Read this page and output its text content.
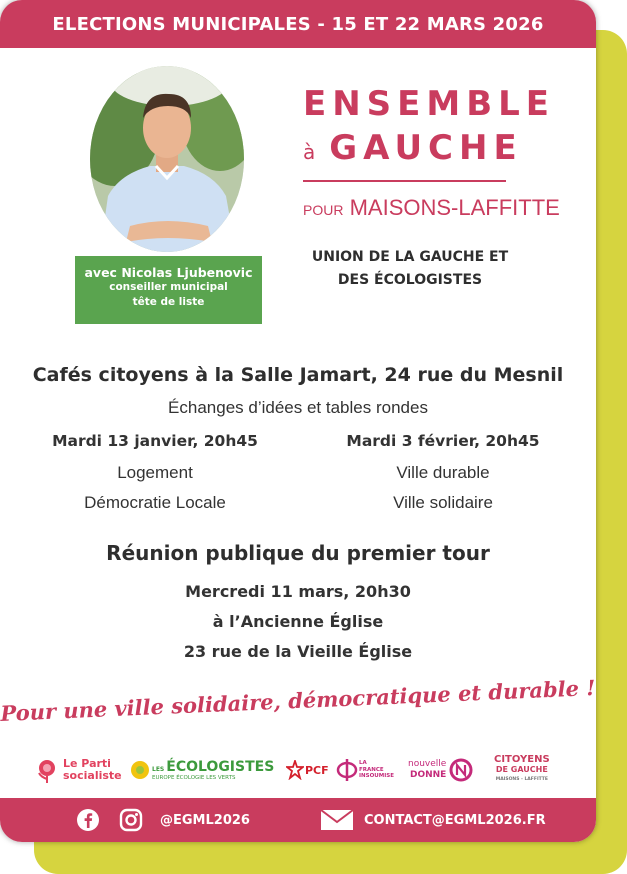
ELECTIONS MUNICIPALES - 15 ET 22 MARS 2026
avec Nicolas Ljubenovic
conseiller municipal
tête de liste
ENSEMBLE
à GAUCHE
POUR MAISONS-LAFFITTE
UNION DE LA GAUCHE ET
DES ÉCOLOGISTES
Cafés citoyens à la Salle Jamart, 24 rue du Mesnil
Échanges d’idées et tables rondes
Mardi 13 janvier, 20h45
Logement
Démocratie Locale
Mardi 3 février, 20h45
Ville durable
Ville solidaire
Réunion publique du premier tour
Mercredi 11 mars, 20h30
à l’Ancienne Église
23 rue de la Vieille Église
Pour une ville solidaire, démocratique et durable !
Le Parti
socialiste	LES ÉCOLOGISTES
EUROPE ÉCOLOGIE LES VERTS
PCF
LA
FRANCE
INSOUMISE
nouvelle
DONNE
CITOYENS
DE GAUCHE
MAISONS - LAFFITTE
@EGML2026	CONTACT@EGML2026.FR
